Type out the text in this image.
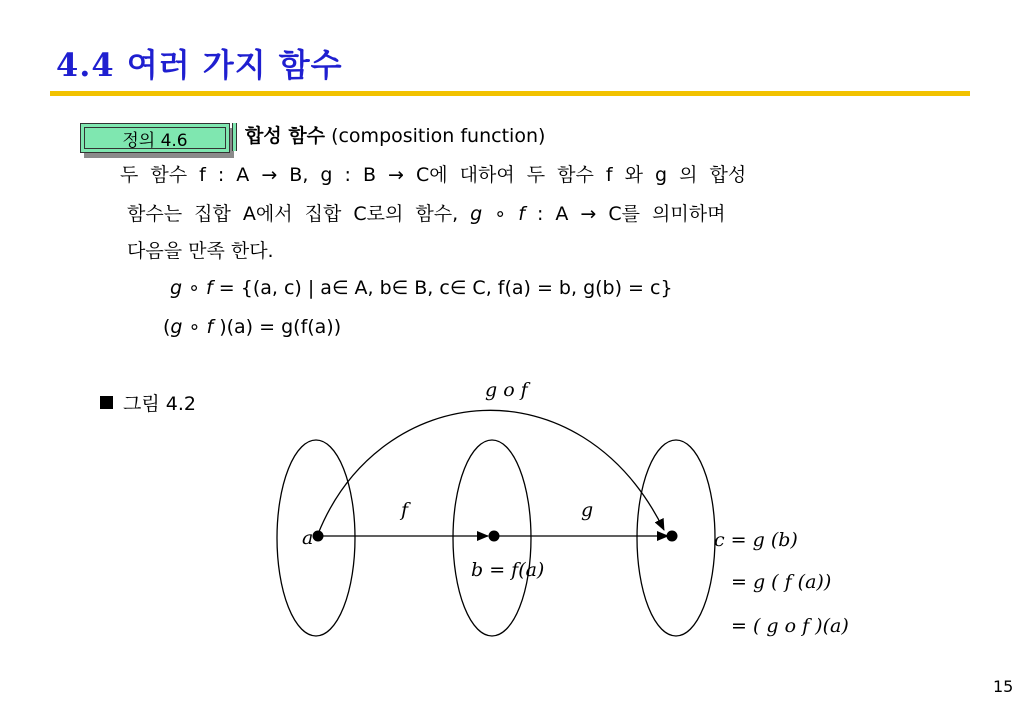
4.4 여러 가지 함수
정의 4.6	합성 함수 (composition function)
두 함수 f : A → B, g : B → C에 대하여 두 함수 f 와 g 의 합성
함수는 집합 A에서 집합 C로의 함수, g ∘ f : A → C를 의미하며
다음을 만족 한다.
g ∘ f = {(a, c) | a∈ A, b∈ B, c∈ C, f(a) = b, g(b) = c}
(g ∘ f )(a) = g(f(a))
그림 4.2
g o f
f	g
a
b = f(a)
c = g (b)
= g ( f (a))
= ( g o f )(a)
15
